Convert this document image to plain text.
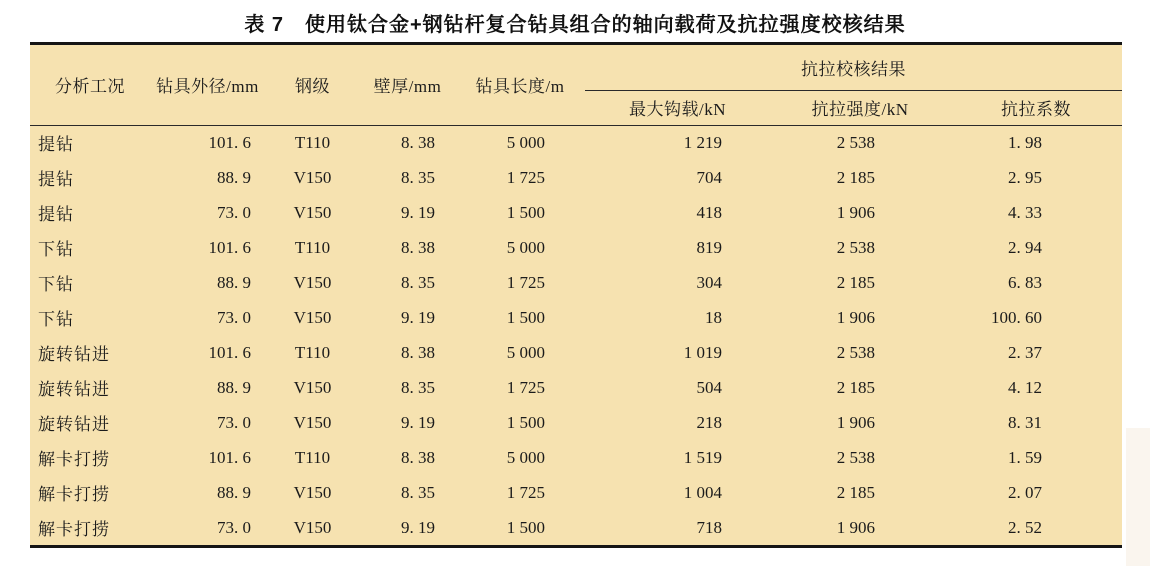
表 7　使用钛合金+钢钻杆复合钻具组合的轴向载荷及抗拉强度校核结果
分析工况	钻具外径/mm	钢级	壁厚/mm	钻具长度/m	抗拉校核结果		
					最大钩载/kN	抗拉强度/kN	抗拉系数
提钻	101. 6	T110	8. 38	5 000	1 219	2 538	1. 98
提钻	88. 9	V150	8. 35	1 725	704	2 185	2. 95
提钻	73. 0	V150	9. 19	1 500	418	1 906	4. 33
下钻	101. 6	T110	8. 38	5 000	819	2 538	2. 94
下钻	88. 9	V150	8. 35	1 725	304	2 185	6. 83
下钻	73. 0	V150	9. 19	1 500	18	1 906	100. 60
旋转钻进	101. 6	T110	8. 38	5 000	1 019	2 538	2. 37
旋转钻进	88. 9	V150	8. 35	1 725	504	2 185	4. 12
旋转钻进	73. 0	V150	9. 19	1 500	218	1 906	8. 31
解卡打捞	101. 6	T110	8. 38	5 000	1 519	2 538	1. 59
解卡打捞	88. 9	V150	8. 35	1 725	1 004	2 185	2. 07
解卡打捞	73. 0	V150	9. 19	1 500	718	1 906	2. 52
